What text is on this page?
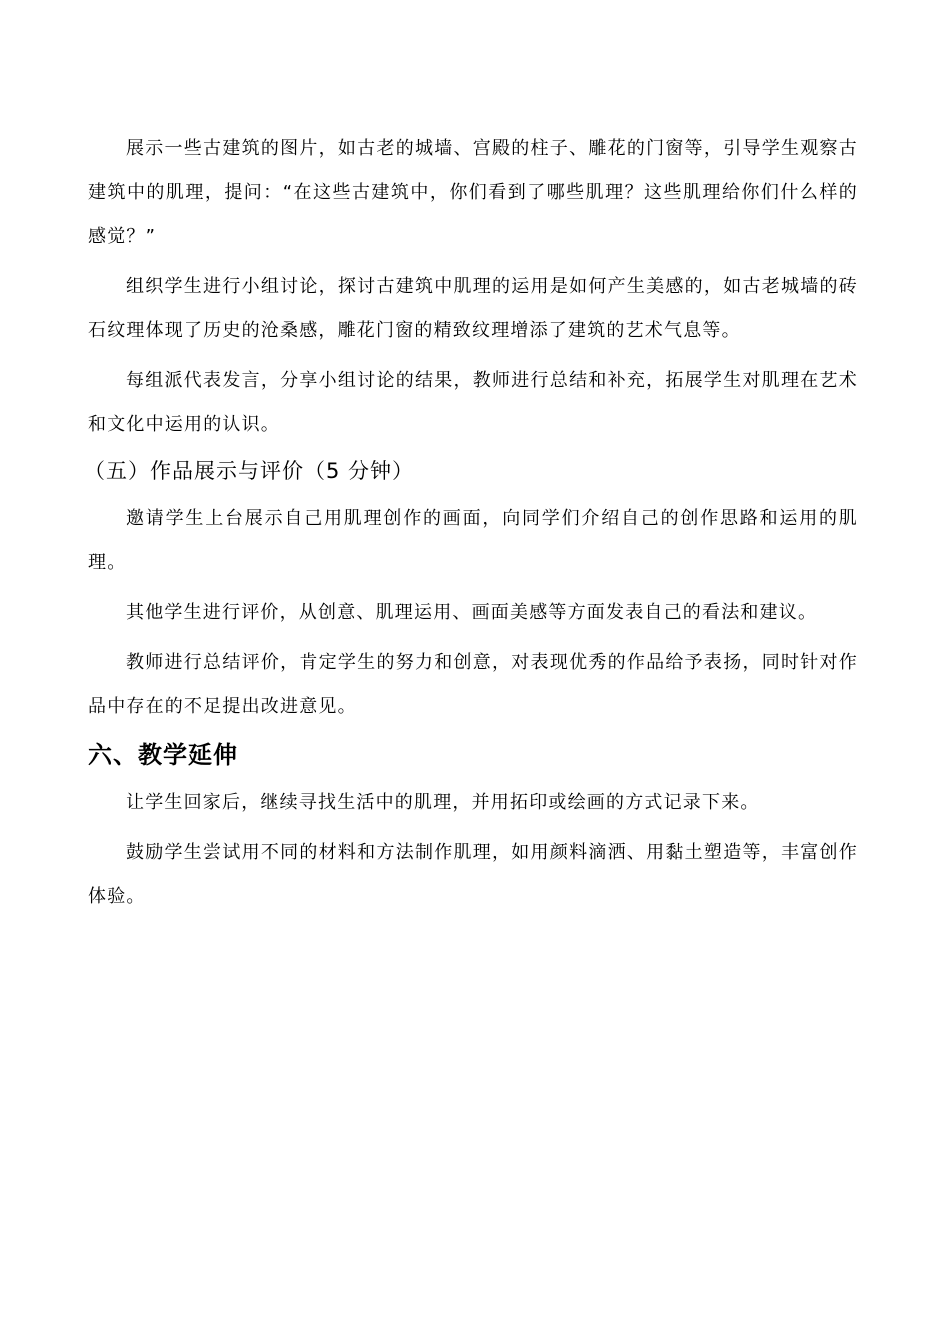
展示一些古建筑的图片，如古老的城墙、宫殿的柱子、雕花的门窗等，引导学生观察古建筑中的肌理，提问：“在这些古建筑中，你们看到了哪些肌理？这些肌理给你们什么样的感觉？”

组织学生进行小组讨论，探讨古建筑中肌理的运用是如何产生美感的，如古老城墙的砖石纹理体现了历史的沧桑感，雕花门窗的精致纹理增添了建筑的艺术气息等。

每组派代表发言，分享小组讨论的结果，教师进行总结和补充，拓展学生对肌理在艺术和文化中运用的认识。

（五）作品展示与评价（5 分钟）

邀请学生上台展示自己用肌理创作的画面，向同学们介绍自己的创作思路和运用的肌理。

其他学生进行评价，从创意、肌理运用、画面美感等方面发表自己的看法和建议。

教师进行总结评价，肯定学生的努力和创意，对表现优秀的作品给予表扬，同时针对作品中存在的不足提出改进意见。

六、教学延伸

让学生回家后，继续寻找生活中的肌理，并用拓印或绘画的方式记录下来。

鼓励学生尝试用不同的材料和方法制作肌理，如用颜料滴洒、用黏土塑造等，丰富创作体验。
